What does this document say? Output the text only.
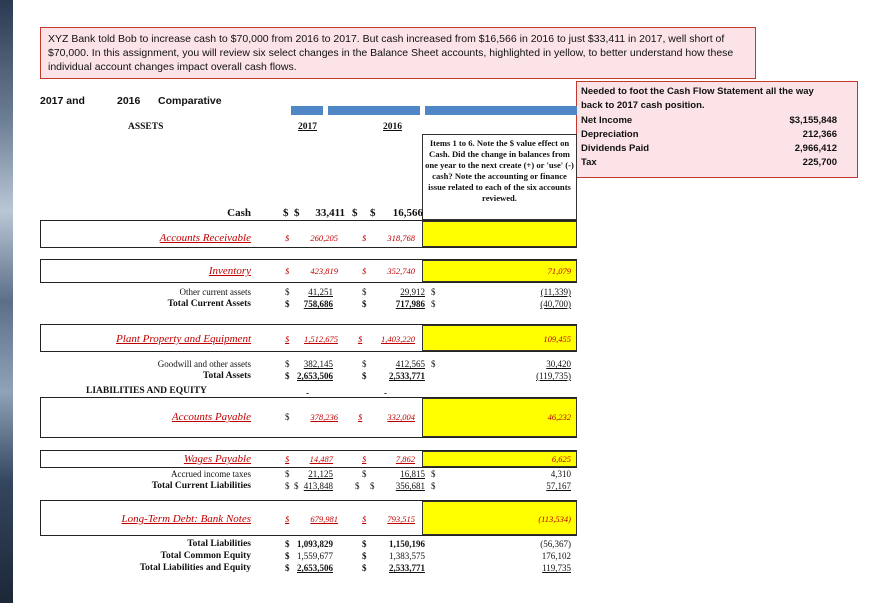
XYZ Bank told Bob to increase cash to $70,000 from 2016 to 2017. But cash increased from $16,566 in 2016 to just $33,411 in 2017, well short of $70,000. In this assignment, you will review six select changes in the Balance Sheet accounts, highlighted in yellow, to better understand how these individual account changes impact overall cash flows.
2017 and	2016 Comparative
Needed to foot the Cash Flow Statement all the way
back to 2017 cash position.
Net Income	$3,155,848
Depreciation	212,366
Dividends Paid	2,966,412
Tax	225,700
ASSETS	2017	2016
Items 1 to 6. Note the $ value effect on Cash. Did the change in balances from one year to the next create (+) or 'use' (-) cash? Note the accounting or finance issue related to each of the six accounts reviewed.
Cash	$ $ 33,411 $ $ 16,566
Accounts Receivable	$ 260,205	$ 318,768
Inventory	$ 423,819	$ 352,740	71,079
Other current assets	$ 41,251	$	29,912 $	(11,339)
Total Current Assets	$ 758,686	$	717,986 $	(40,700)
Plant Property and Equipment	$ 1,512,675 $ 1,403,220	109,455
Goodwill and other assets	$ 382,145	$	412,565 $	30,420
Total Assets	$ 2,653,506	$	2,533,771	(119,735)
LIABILITIES AND EQUITY	-	-
Accounts Payable	$ 378,236 $	332,004	46,232
Wages Payable	$ 14,487	$	7,862	6,625
Accrued income taxes	$ 21,125	$	16,815 $	4,310
Total Current Liabilities	$ $ 413,848 $ $ 356,681 $	57,167
Long-Term Debt: Bank Notes	$ 679,981	$ 793,515	(113,534)
Total Liabilities	$ 1,093,829	$	1,150,196	(56,367)
Total Common Equity	$ 1,559,677	$	1,383,575	176,102
Total Liabilities and Equity	$ 2,653,506	$	2,533,771	119,735
